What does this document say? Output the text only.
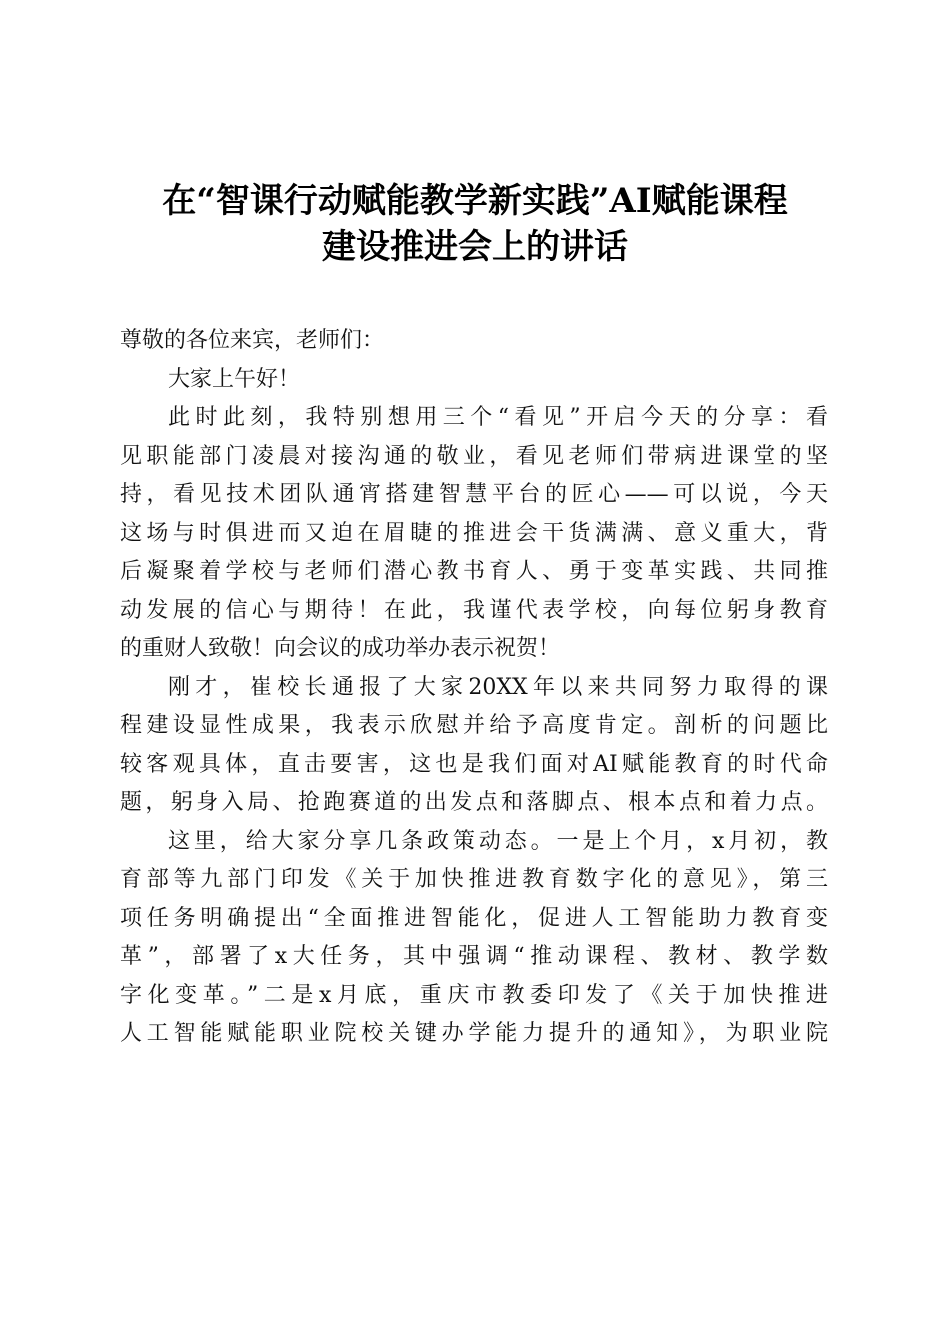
在“智课行动赋能教学新实践”AI赋能课程
建设推进会上的讲话
尊敬的各位来宾，老师们：
大家上午好！
此时此刻，我特别想用三个“看见”开启今天的分享：看
见职能部门凌晨对接沟通的敬业，看见老师们带病进课堂的坚
持，看见技术团队通宵搭建智慧平台的匠心——可以说，今天
这场与时俱进而又迫在眉睫的推进会干货满满、意义重大，背
后凝聚着学校与老师们潜心教书育人、勇于变革实践、共同推
动发展的信心与期待！在此，我谨代表学校，向每位躬身教育
的重财人致敬！向会议的成功举办表示祝贺！
刚才，崔校长通报了大家20XX年以来共同努力取得的课
程建设显性成果，我表示欣慰并给予高度肯定。剖析的问题比
较客观具体，直击要害，这也是我们面对AI赋能教育的时代命
题，躬身入局、抢跑赛道的出发点和落脚点、根本点和着力点。
这里，给大家分享几条政策动态。一是上个月，x月初，教
育部等九部门印发《关于加快推进教育数字化的意见》，第三
项任务明确提出“全面推进智能化，促进人工智能助力教育变
革”，部署了x大任务，其中强调“推动课程、教材、教学数
字化变革。”二是x月底，重庆市教委印发了《关于加快推进
人工智能赋能职业院校关键办学能力提升的通知》，为职业院
